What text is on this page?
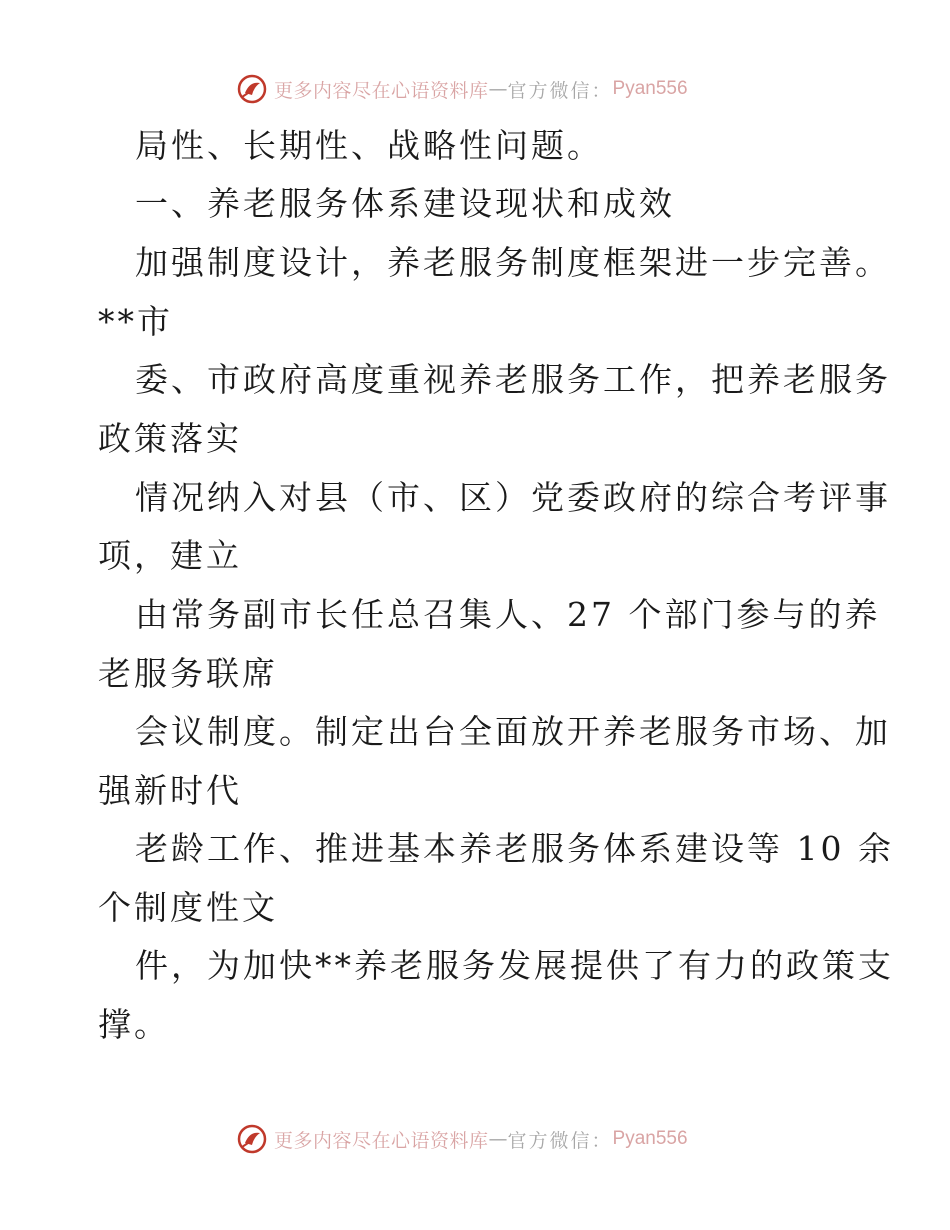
更多内容尽在心语资料库 — 官方微信： Pyan556
局性、长期性、战略性问题。
一、养老服务体系建设现状和成效
加强制度设计，养老服务制度框架进一步完善。
**市
委、市政府高度重视养老服务工作，把养老服务
政策落实
情况纳入对县（市、区）党委政府的综合考评事
项，建立
由常务副市长任总召集人、27 个部门参与的养
老服务联席
会议制度。制定出台全面放开养老服务市场、加
强新时代
老龄工作、推进基本养老服务体系建设等 10 余
个制度性文
件，为加快**养老服务发展提供了有力的政策支
撑。
更多内容尽在心语资料库 — 官方微信： Pyan556
